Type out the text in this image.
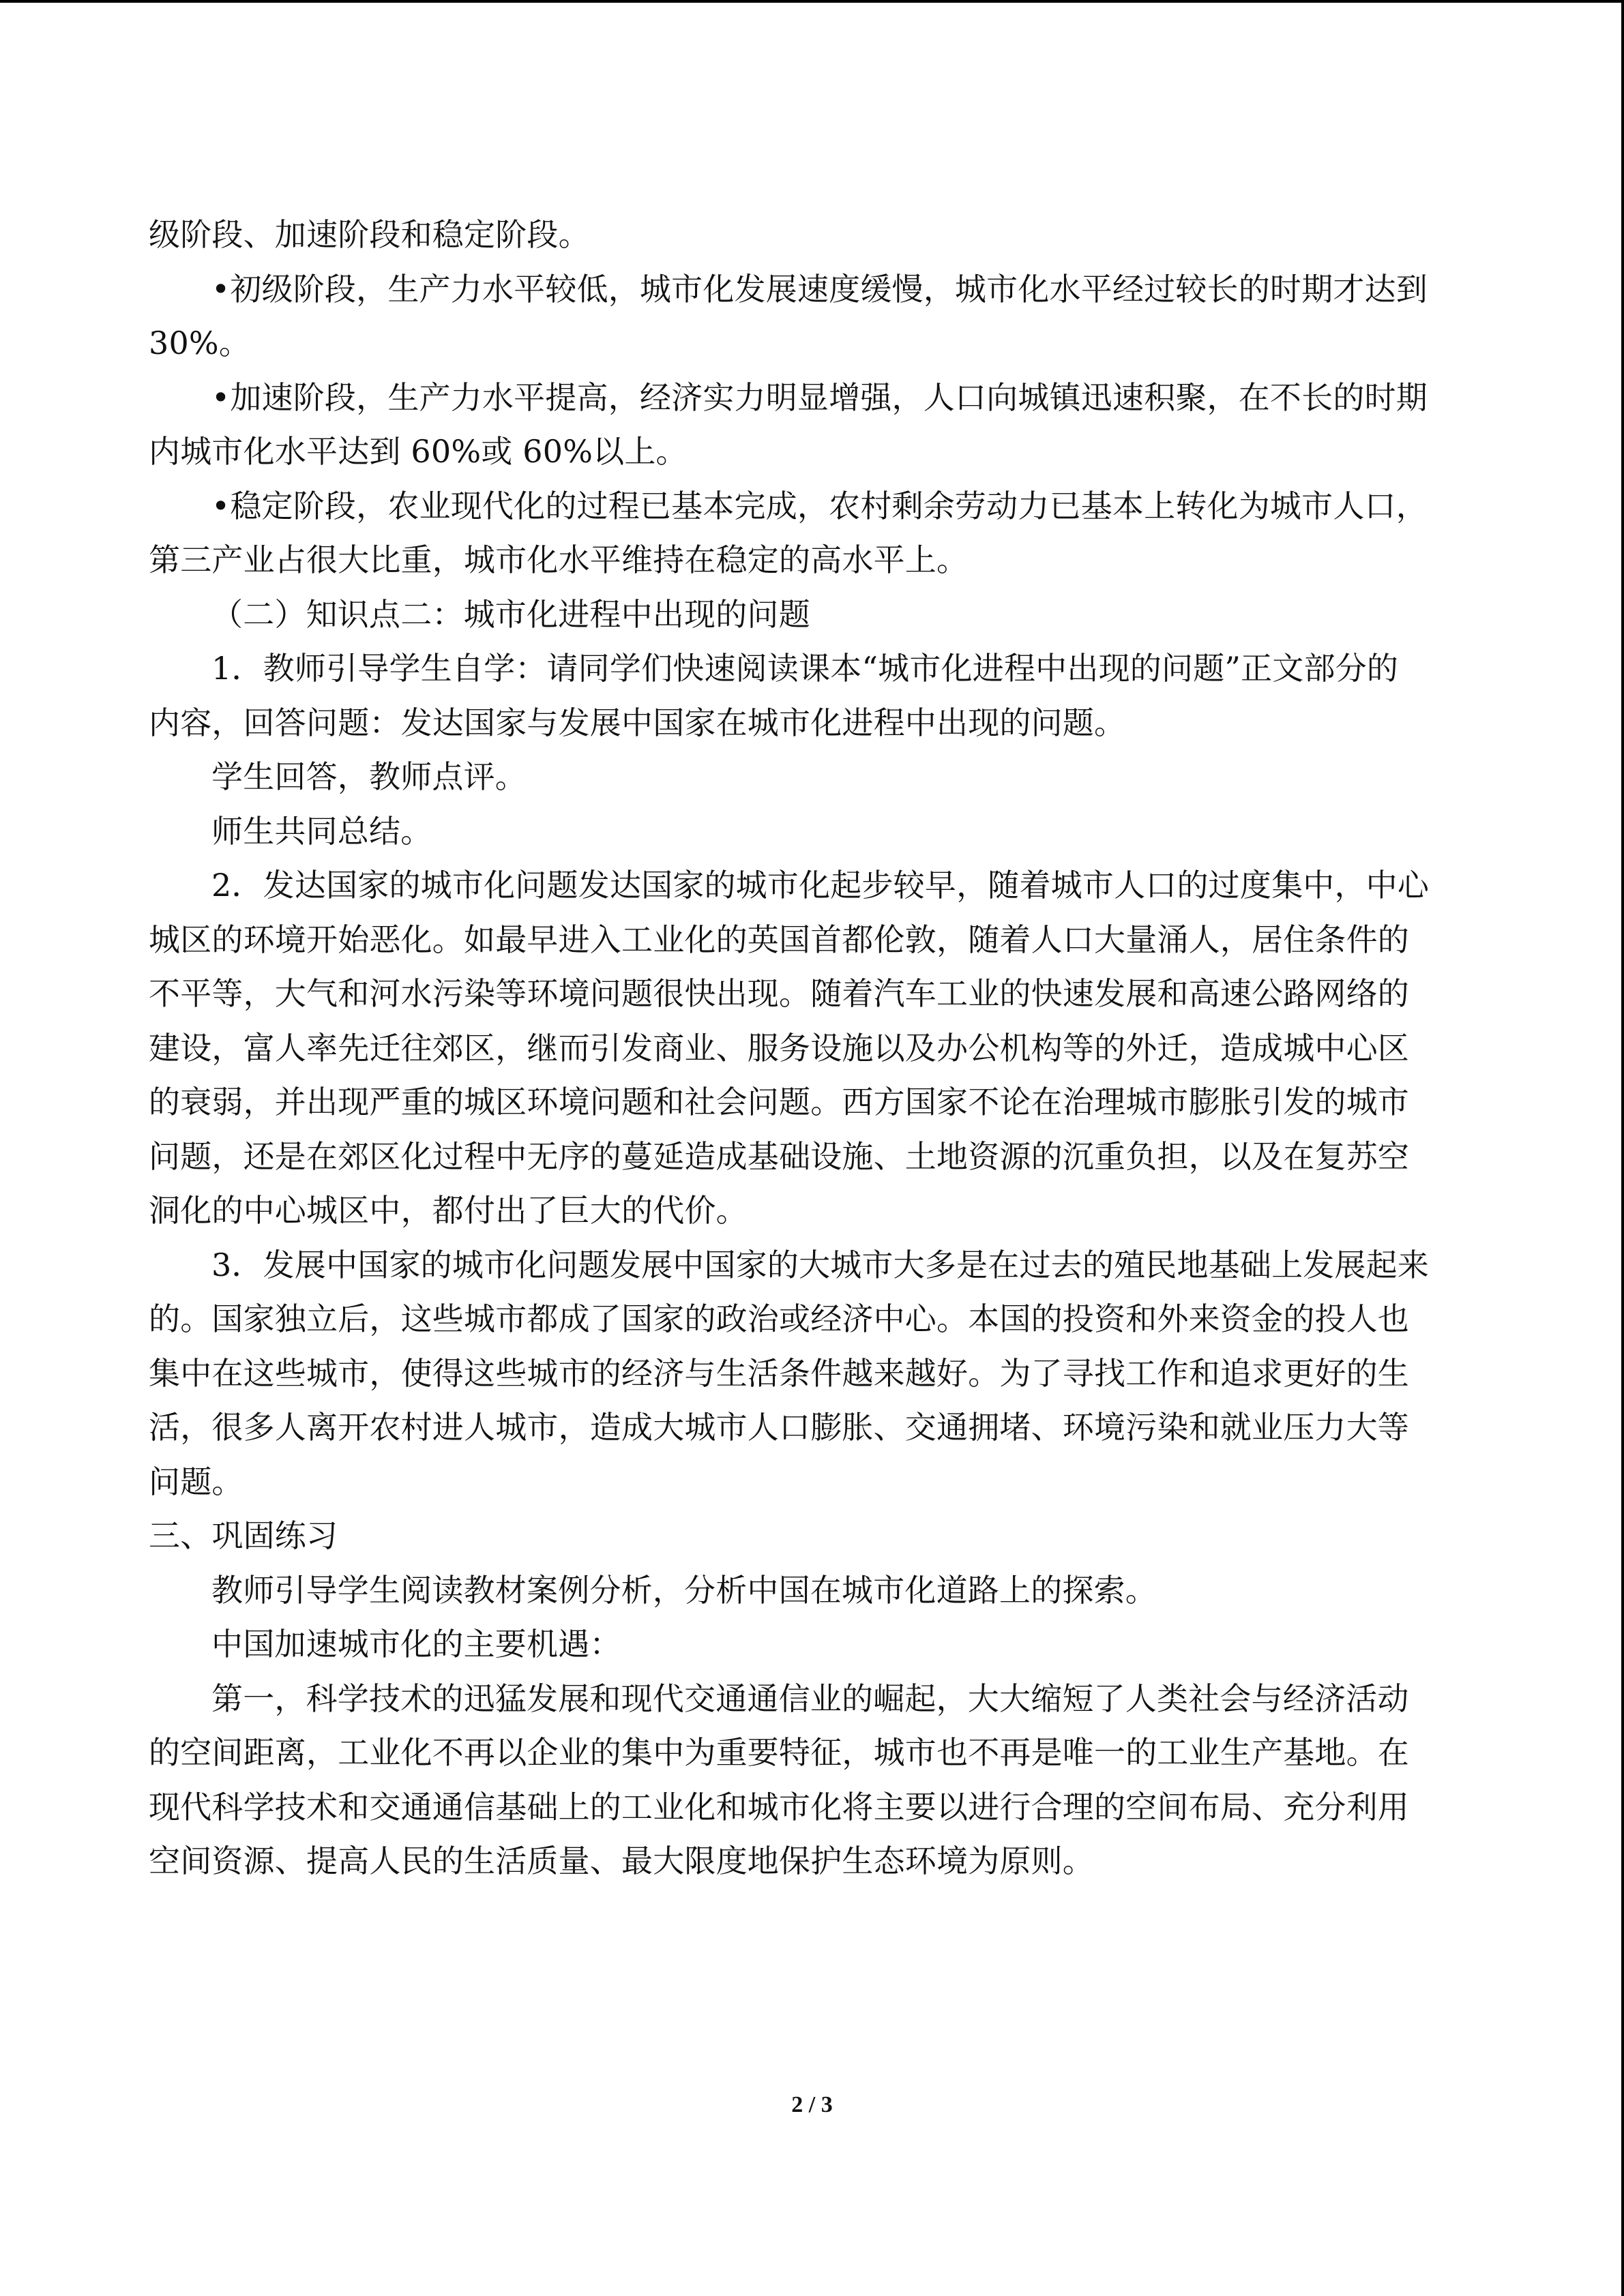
级阶段、加速阶段和稳定阶段。

•初级阶段，生产力水平较低，城市化发展速度缓慢，城市化水平经过较长的时期才达到

30%。

•加速阶段，生产力水平提高，经济实力明显增强，人口向城镇迅速积聚，在不长的时期

内城市化水平达到 60%或 60%以上。

•稳定阶段，农业现代化的过程已基本完成，农村剩余劳动力已基本上转化为城市人口，

第三产业占很大比重，城市化水平维持在稳定的高水平上。

（二）知识点二：城市化进程中出现的问题

1．教师引导学生自学：请同学们快速阅读课本“城市化进程中出现的问题”正文部分的

内容，回答问题：发达国家与发展中国家在城市化进程中出现的问题。

学生回答，教师点评。

师生共同总结。

2．发达国家的城市化问题发达国家的城市化起步较早，随着城市人口的过度集中，中心

城区的环境开始恶化。如最早进入工业化的英国首都伦敦，随着人口大量涌人，居住条件的

不平等，大气和河水污染等环境问题很快出现。随着汽车工业的快速发展和高速公路网络的

建设，富人率先迁往郊区，继而引发商业、服务设施以及办公机构等的外迁，造成城中心区

的衰弱，并出现严重的城区环境问题和社会问题。西方国家不论在治理城市膨胀引发的城市

问题，还是在郊区化过程中无序的蔓延造成基础设施、土地资源的沉重负担，以及在复苏空

洞化的中心城区中，都付出了巨大的代价。

3．发展中国家的城市化问题发展中国家的大城市大多是在过去的殖民地基础上发展起来

的。国家独立后，这些城市都成了国家的政治或经济中心。本国的投资和外来资金的投人也

集中在这些城市，使得这些城市的经济与生活条件越来越好。为了寻找工作和追求更好的生

活，很多人离开农村进人城市，造成大城市人口膨胀、交通拥堵、环境污染和就业压力大等

问题。

三、巩固练习

教师引导学生阅读教材案例分析，分析中国在城市化道路上的探索。

中国加速城市化的主要机遇：

第一，科学技术的迅猛发展和现代交通通信业的崛起，大大缩短了人类社会与经济活动

的空间距离，工业化不再以企业的集中为重要特征，城市也不再是唯一的工业生产基地。在

现代科学技术和交通通信基础上的工业化和城市化将主要以进行合理的空间布局、充分利用

空间资源、提高人民的生活质量、最大限度地保护生态环境为原则。

2 / 3
